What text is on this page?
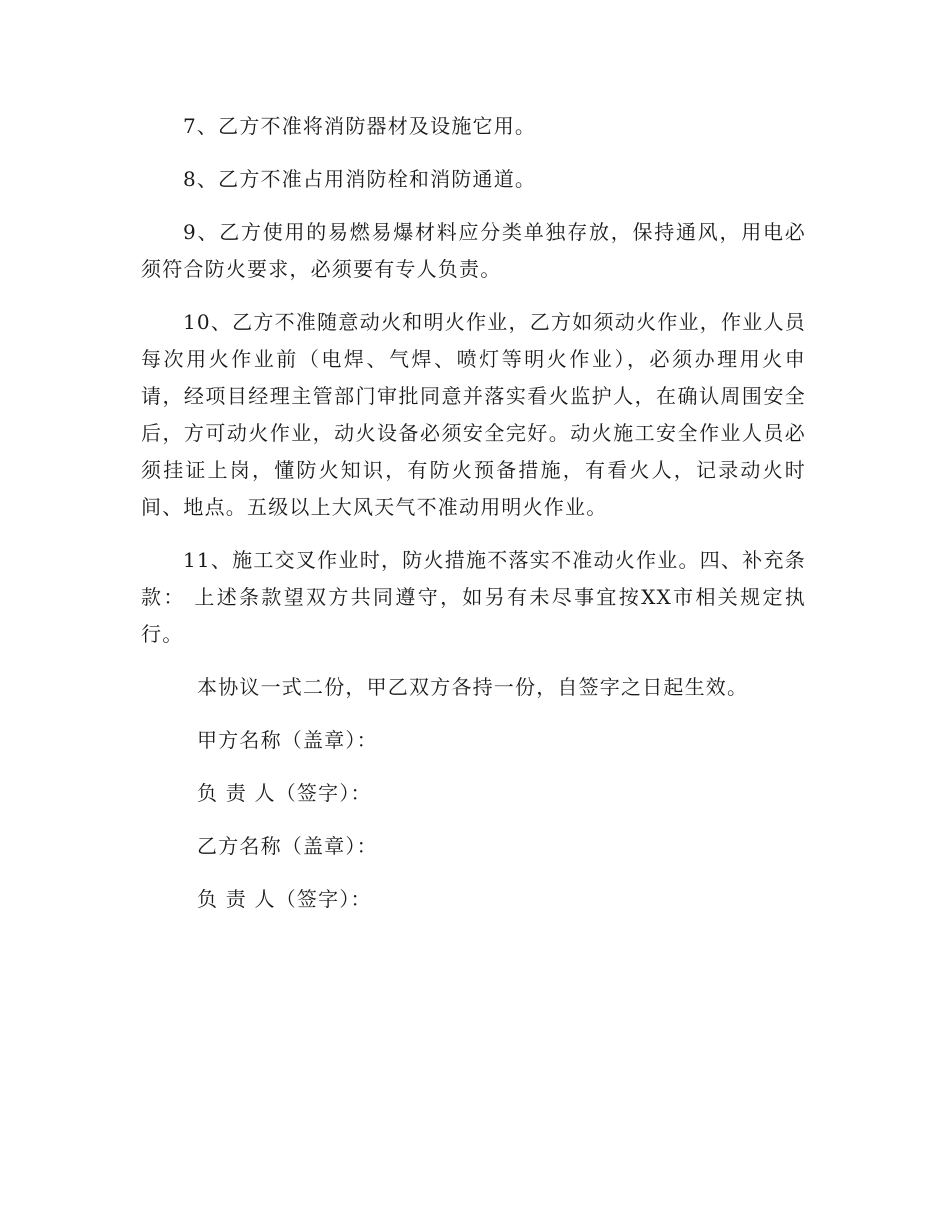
7、乙方不准将消防器材及设施它用。

8、乙方不准占用消防栓和消防通道。

9、乙方使用的易燃易爆材料应分类单独存放，保持通风，用电必须符合防火要求，必须要有专人负责。

10、乙方不准随意动火和明火作业，乙方如须动火作业，作业人员每次用火作业前（电焊、气焊、喷灯等明火作业），必须办理用火申请，经项目经理主管部门审批同意并落实看火监护人，在确认周围安全后，方可动火作业，动火设备必须安全完好。动火施工安全作业人员必须挂证上岗，懂防火知识，有防火预备措施，有看火人，记录动火时间、地点。五级以上大风天气不准动用明火作业。

11、施工交叉作业时，防火措施不落实不准动火作业。四、补充条款： 上述条款望双方共同遵守，如另有未尽事宜按XX市相关规定执行。

本协议一式二份，甲乙双方各持一份，自签字之日起生效。
甲方名称（盖章）：
负 责 人（签字）：
乙方名称（盖章）：
负 责 人（签字）：
